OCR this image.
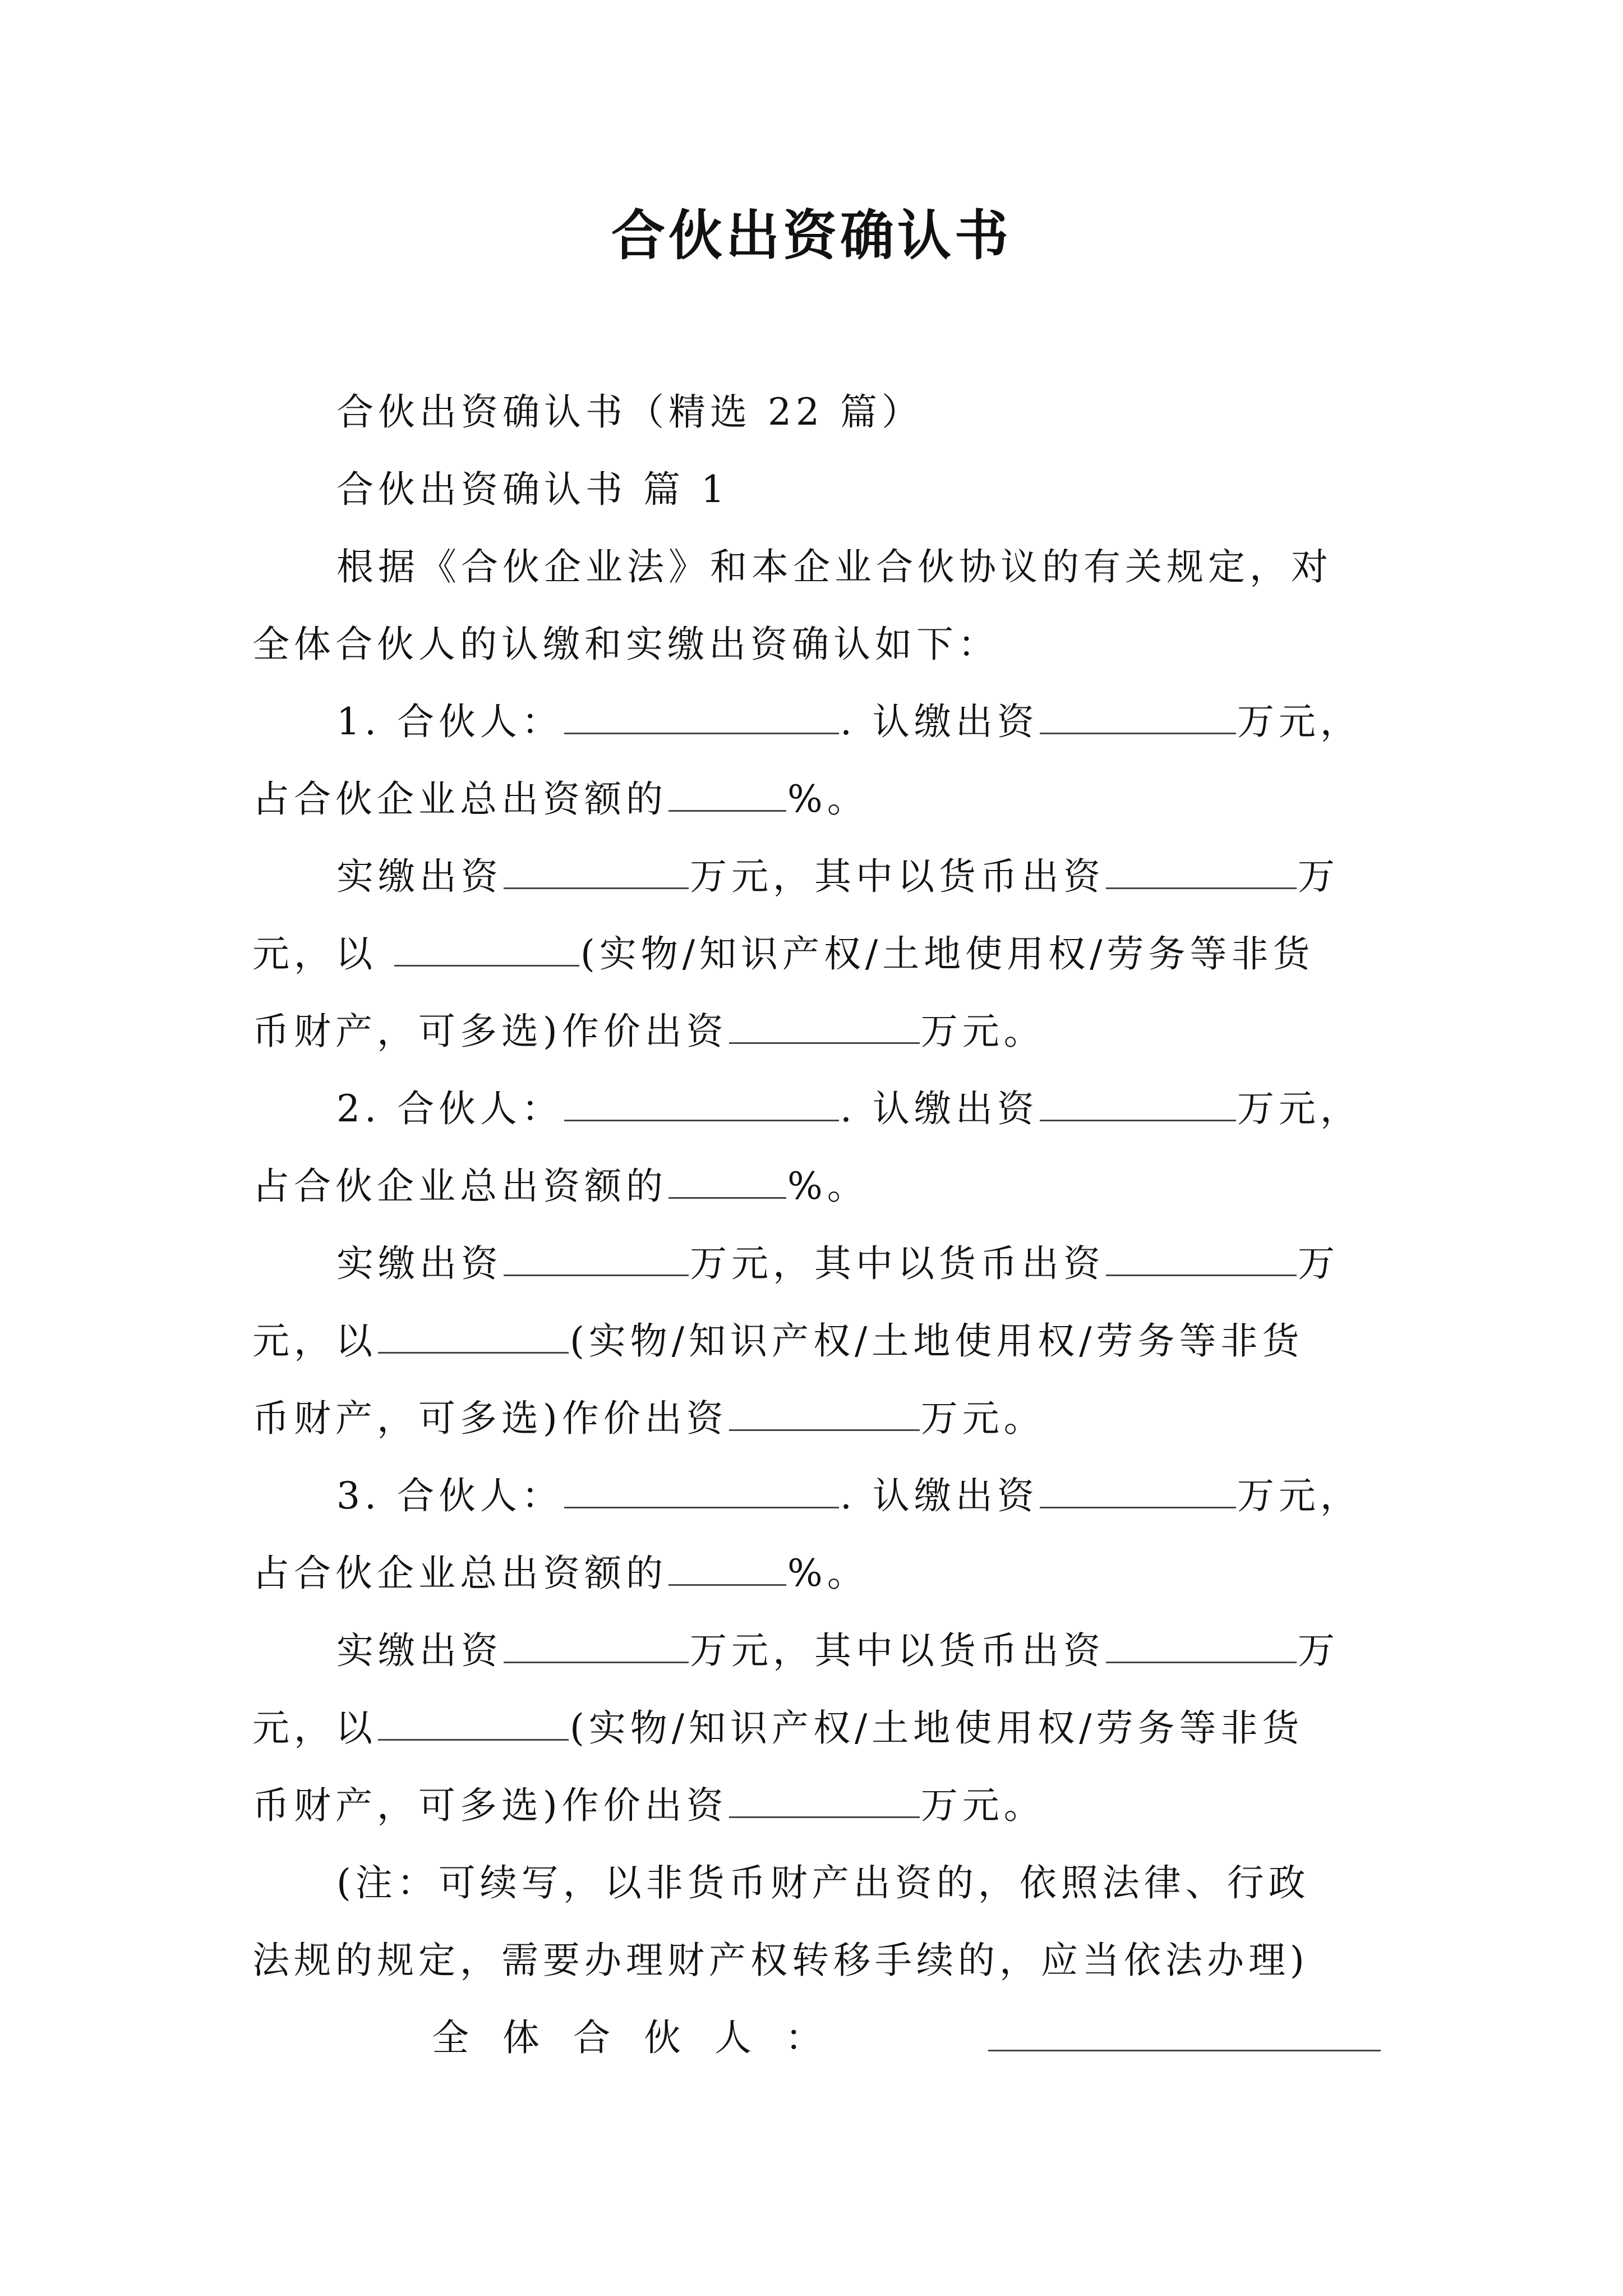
合伙出资确认书
合伙出资确认书（精选 22 篇）
合伙出资确认书 篇 1
根据《合伙企业法》和本企业合伙协议的有关规定，对
全体合伙人的认缴和实缴出资确认如下：
1. 合伙人：	. 认缴出资	万元，
占合伙企业总出资额的	%。
实缴出资	万元，其中以货币出资	万
元，以	(实物/知识产权/土地使用权/劳务等非货
币财产，可多选)作价出资	万元。
2. 合伙人：	. 认缴出资	万元，
占合伙企业总出资额的	%。
实缴出资	万元，其中以货币出资	万
元，以	(实物/知识产权/土地使用权/劳务等非货
币财产，可多选)作价出资	万元。
3. 合伙人：	. 认缴出资	万元，
占合伙企业总出资额的	%。
实缴出资	万元，其中以货币出资	万
元，以	(实物/知识产权/土地使用权/劳务等非货
币财产，可多选)作价出资	万元。
(注：可续写，以非货币财产出资的，依照法律、行政
法规的规定，需要办理财产权转移手续的，应当依法办理)
全体合伙人：
